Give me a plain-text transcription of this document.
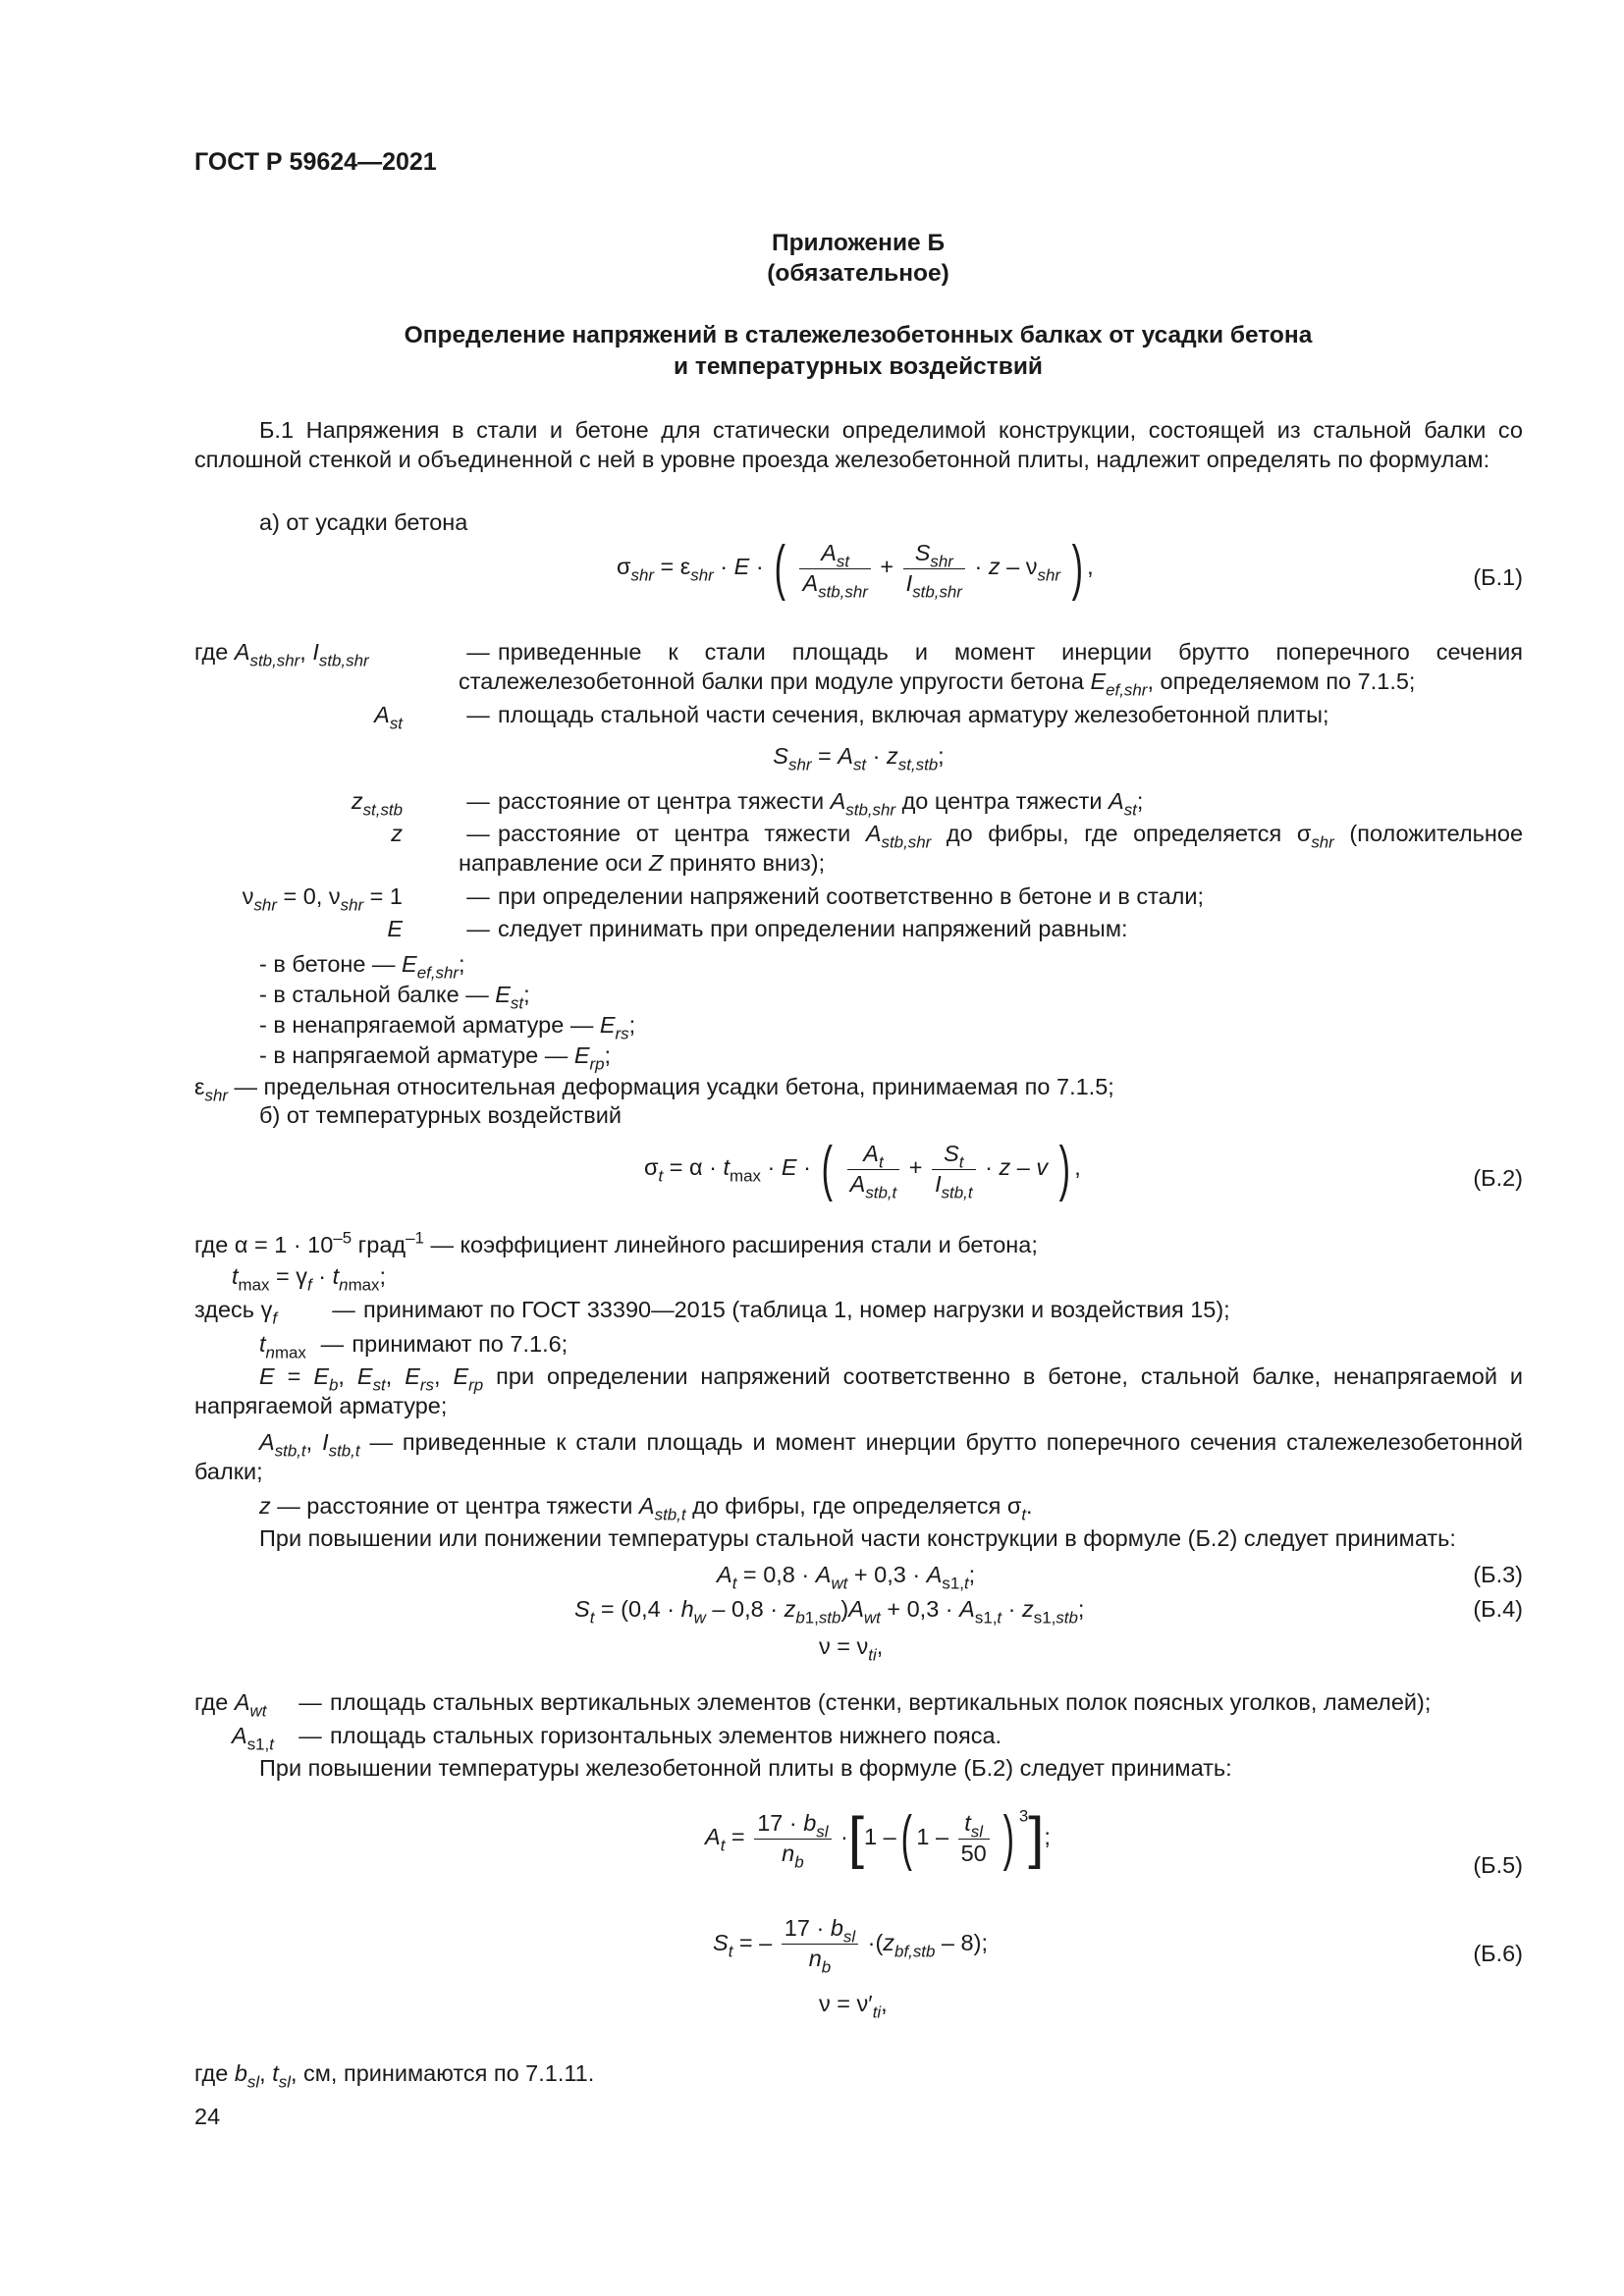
ГОСТ Р 59624—2021
Приложение Б
(обязательное)
Определение напряжений в сталежелезобетонных балках от усадки бетона
и температурных воздействий
Б.1 Напряжения в стали и бетоне для статически определимой конструкции, состоящей из стальной балки со сплошной стенкой и объединенной с ней в уровне проезда железобетонной плиты, надлежит определять по формулам:
а) от усадки бетона
$\sigma_{shr} = \varepsilon_{shr} \cdot E$ · ( $\frac{A_{st}}{A_{stb,shr}} + \frac{S_{shr}}{I_{stb,shr}} \cdot z - \nu_{shr}$ ) ,	(Б.1)
где $A_{stb,shr}$, $I_{stb,shr}$	— приведенные к стали площадь и момент инерции брутто поперечного сечения сталежелезобетонной балки при модуле упругости бетона $E_{ef,shr}$, определяемом по 7.1.5;
$A_{st}$	— площадь стальной части сечения, включая арматуру железобетонной плиты;
$S_{shr} = A_{st} \cdot z_{st,stb}$;
$z_{st,stb}$	— расстояние от центра тяжести $A_{stb,shr}$ до центра тяжести $A_{st}$;
z	— расстояние от центра тяжести $A_{stb,shr}$ до фибры, где определяется $\sigma_{shr}$ (положительное направление оси Z принято вниз);
$\nu_{shr} = 0$, $\nu_{shr} = 1$	— при определении напряжений соответственно в бетоне и в стали;
E	— следует принимать при определении напряжений равным:
- в бетоне — $E_{ef,shr}$;
- в стальной балке — $E_{st}$;
- в ненапрягаемой арматуре — $E_{rs}$;
- в напрягаемой арматуре — $E_{rp}$;
$\varepsilon_{shr}$ — предельная относительная деформация усадки бетона, принимаемая по 7.1.5;
б) от температурных воздействий
$\sigma_t = \alpha \cdot t_{max} \cdot E$ · ( $\frac{A_t}{A_{stb,t}} + \frac{S_t}{I_{stb,t}} \cdot z - v$ ) ,	(Б.2)
где $\alpha = 1 \cdot 10^{-5}$ град$^{-1}$ — коэффициент линейного расширения стали и бетона;
$t_{max} = \gamma_f \cdot t_{nmax}$;
здесь $\gamma_f$	— принимают по ГОСТ 33390—2015 (таблица 1, номер нагрузки и воздействия 15);
$t_{nmax}$ — принимают по 7.1.6;
$E = E_b$, $E_{st}$, $E_{rs}$, $E_{rp}$ при определении напряжений соответственно в бетоне, стальной балке, ненапрягаемой и напрягаемой арматуре;
$A_{stb,t}$, $I_{stb,t}$ — приведенные к стали площадь и момент инерции брутто поперечного сечения сталежелезобетонной балки;
z — расстояние от центра тяжести $A_{stb,t}$ до фибры, где определяется $\sigma_t$.
При повышении или понижении температуры стальной части конструкции в формуле (Б.2) следует принимать:
$A_t = 0,8 \cdot A_{wt} + 0,3 \cdot A_{s1,t}$;	(Б.3)
$S_t = (0,4 \cdot h_w - 0,8 \cdot z_{b1,stb})A_{wt} + 0,3 \cdot A_{s1,t} \cdot z_{s1,stb}$;	(Б.4)
$\nu = \nu_{ti}$,
где $A_{wt}$	— площадь стальных вертикальных элементов (стенки, вертикальных полок поясных уголков, ламелей);
$A_{s1,t}$	— площадь стальных горизонтальных элементов нижнего пояса.
При повышении температуры железобетонной плиты в формуле (Б.2) следует принимать:
$A_t = \frac{17 \cdot b_{sl}}{n_b} \cdot[1$ –( $1 - \frac{t_{sl}}{50}$ ) $^3$];
(Б.5)
$S_t$ = – $\frac{17 \cdot b_{sl}}{n_b} \cdot(z_{bf,stb} - 8)$;	(Б.6)
$\nu = \nu'_{ti}$,
где $b_{sl}$, $t_{sl}$, см, принимаются по 7.1.11.
24
